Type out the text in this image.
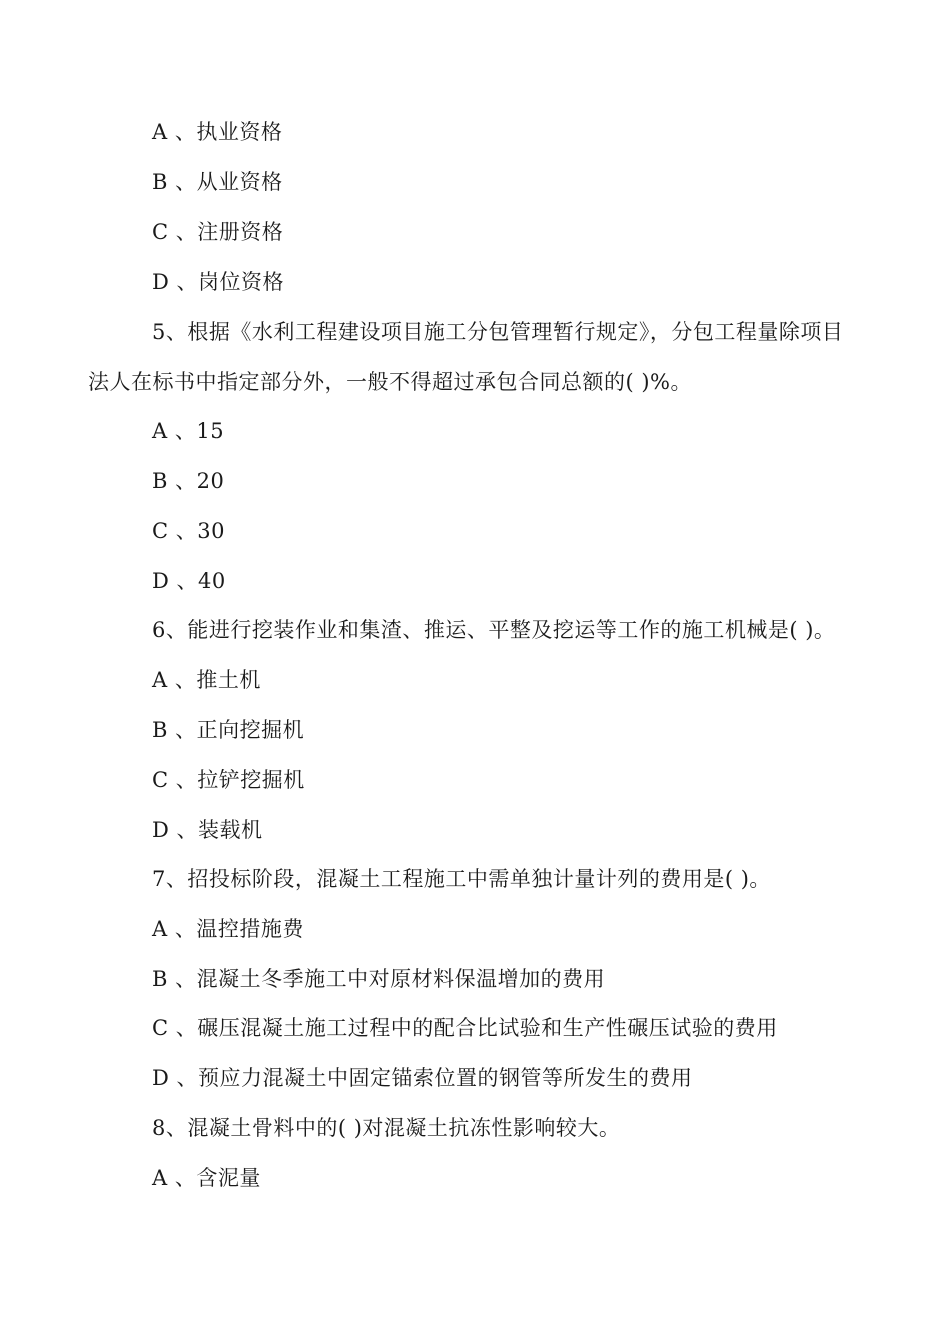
A 、执业资格
B 、从业资格
C 、注册资格
D 、岗位资格
5、根据《水利工程建设项目施工分包管理暂行规定》，分包工程量除项目
法人在标书中指定部分外，一般不得超过承包合同总额的( )%。
A 、15
B 、20
C 、30
D 、40
6、能进行挖装作业和集渣、推运、平整及挖运等工作的施工机械是( )。
A 、推土机
B 、正向挖掘机
C 、拉铲挖掘机
D 、装载机
7、招投标阶段，混凝土工程施工中需单独计量计列的费用是( )。
A 、温控措施费
B 、混凝土冬季施工中对原材料保温增加的费用
C 、碾压混凝土施工过程中的配合比试验和生产性碾压试验的费用
D 、预应力混凝土中固定锚索位置的钢管等所发生的费用
8、混凝土骨料中的( )对混凝土抗冻性影响较大。
A 、含泥量
